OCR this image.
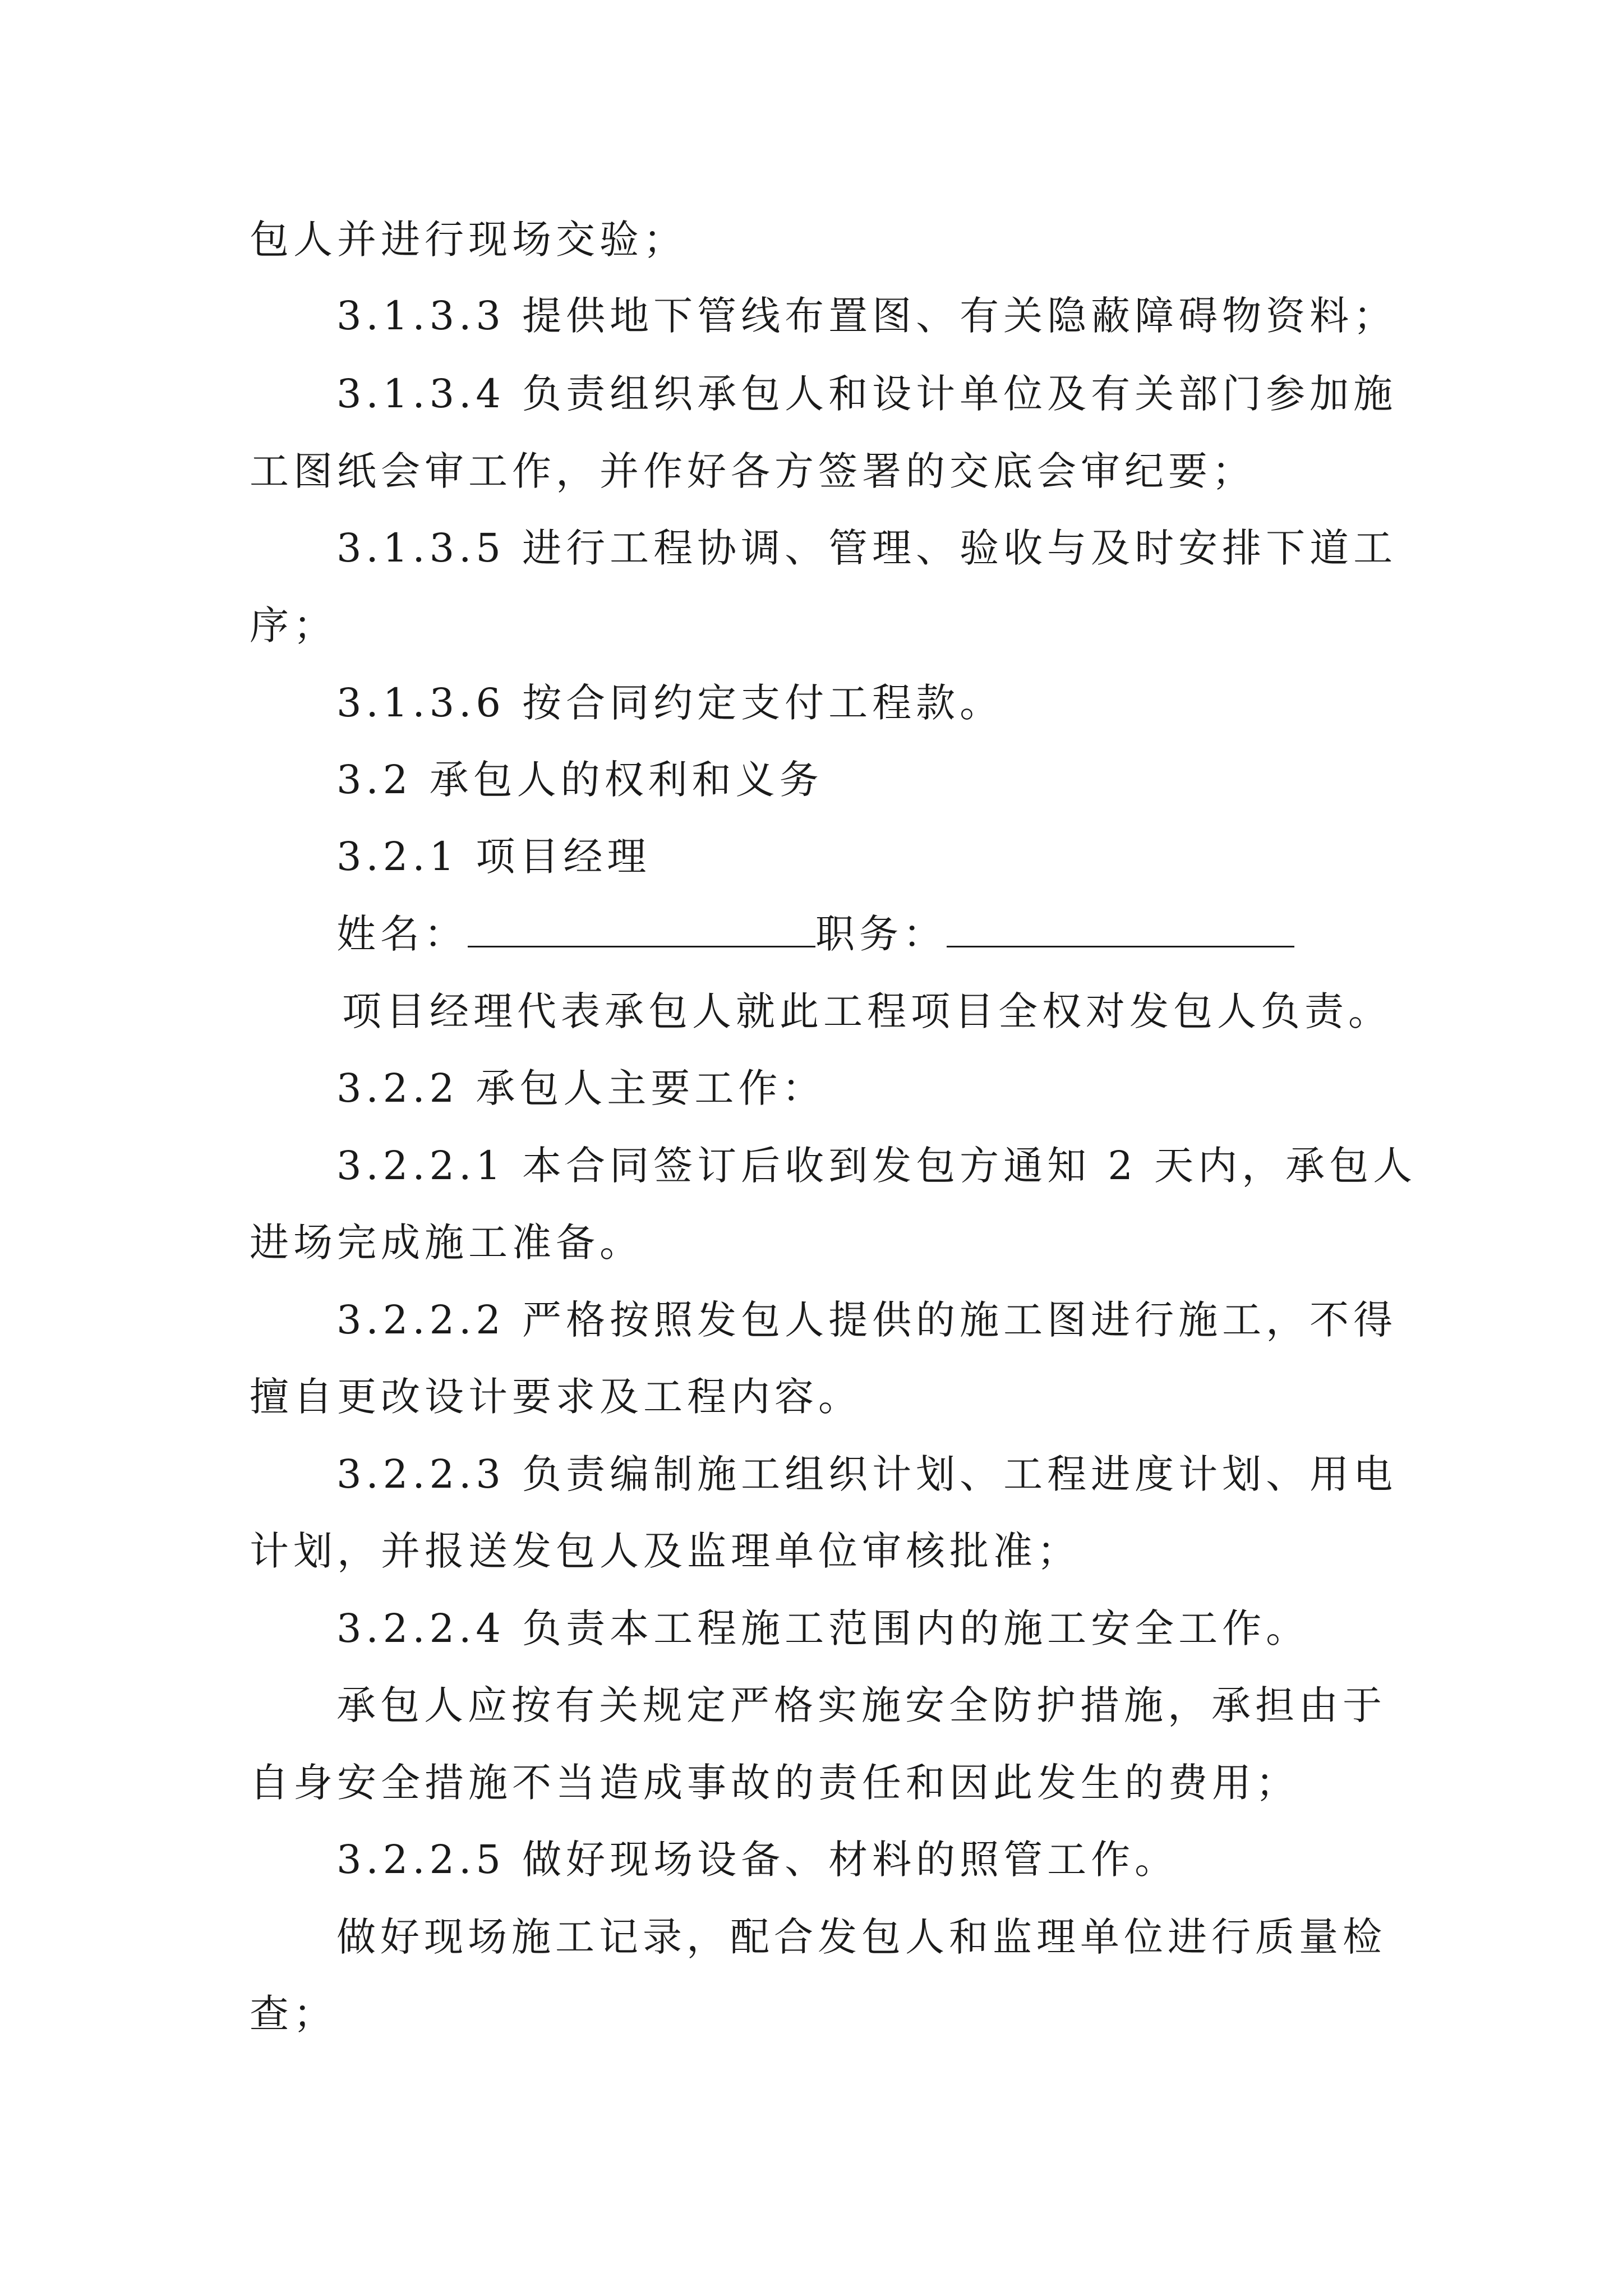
包人并进行现场交验；
3.1.3.3 提供地下管线布置图、有关隐蔽障碍物资料；
3.1.3.4 负责组织承包人和设计单位及有关部门参加施
工图纸会审工作，并作好各方签署的交底会审纪要；
3.1.3.5 进行工程协调、管理、验收与及时安排下道工
序；
3.1.3.6 按合同约定支付工程款。
3.2 承包人的权利和义务
3.2.1 项目经理
姓名：	职务：
项目经理代表承包人就此工程项目全权对发包人负责。
3.2.2 承包人主要工作：
3.2.2.1 本合同签订后收到发包方通知 2 天内，承包人
进场完成施工准备。
3.2.2.2 严格按照发包人提供的施工图进行施工，不得
擅自更改设计要求及工程内容。
3.2.2.3 负责编制施工组织计划、工程进度计划、用电
计划，并报送发包人及监理单位审核批准；
3.2.2.4 负责本工程施工范围内的施工安全工作。
承包人应按有关规定严格实施安全防护措施，承担由于
自身安全措施不当造成事故的责任和因此发生的费用；
3.2.2.5 做好现场设备、材料的照管工作。
做好现场施工记录，配合发包人和监理单位进行质量检
查；
